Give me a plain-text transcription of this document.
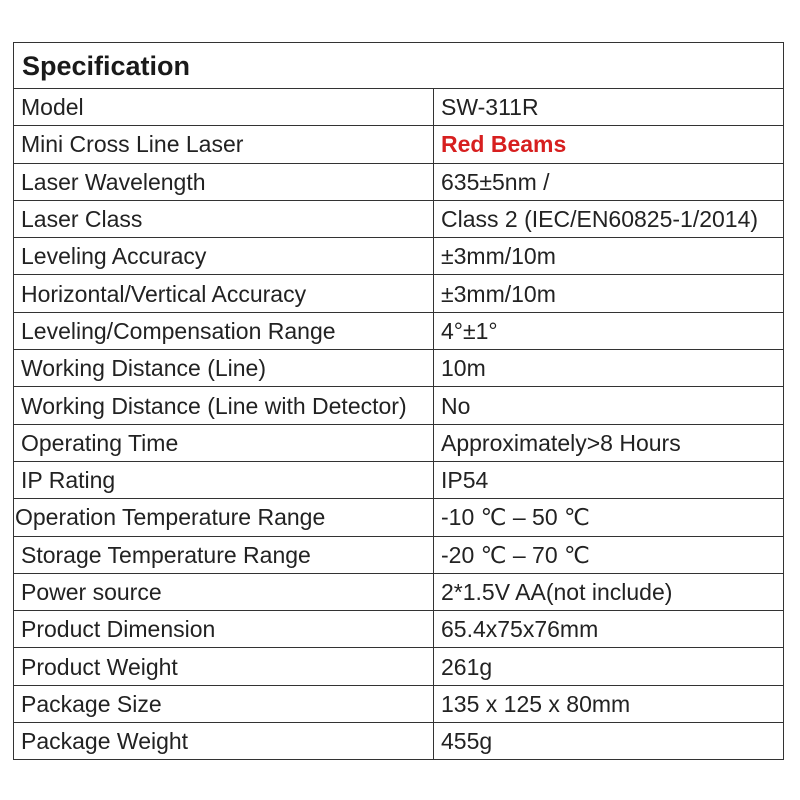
Specification	
Model	SW-311R
Mini Cross Line Laser	Red Beams
Laser Wavelength	635±5nm /
Laser Class	Class 2 (IEC/EN60825-1/2014)
Leveling Accuracy	±3mm/10m
Horizontal/Vertical Accuracy	±3mm/10m
Leveling/Compensation Range	4°±1°
Working Distance (Line)	10m
Working Distance (Line with Detector)	No
Operating Time	Approximately>8 Hours
IP Rating	IP54
Operation Temperature Range	-10 ℃ – 50 ℃
Storage Temperature Range	-20 ℃ – 70 ℃
Power source	2*1.5V AA(not include)
Product Dimension	65.4x75x76mm
Product Weight	261g
Package Size	135 x 125 x 80mm
Package Weight	455g
